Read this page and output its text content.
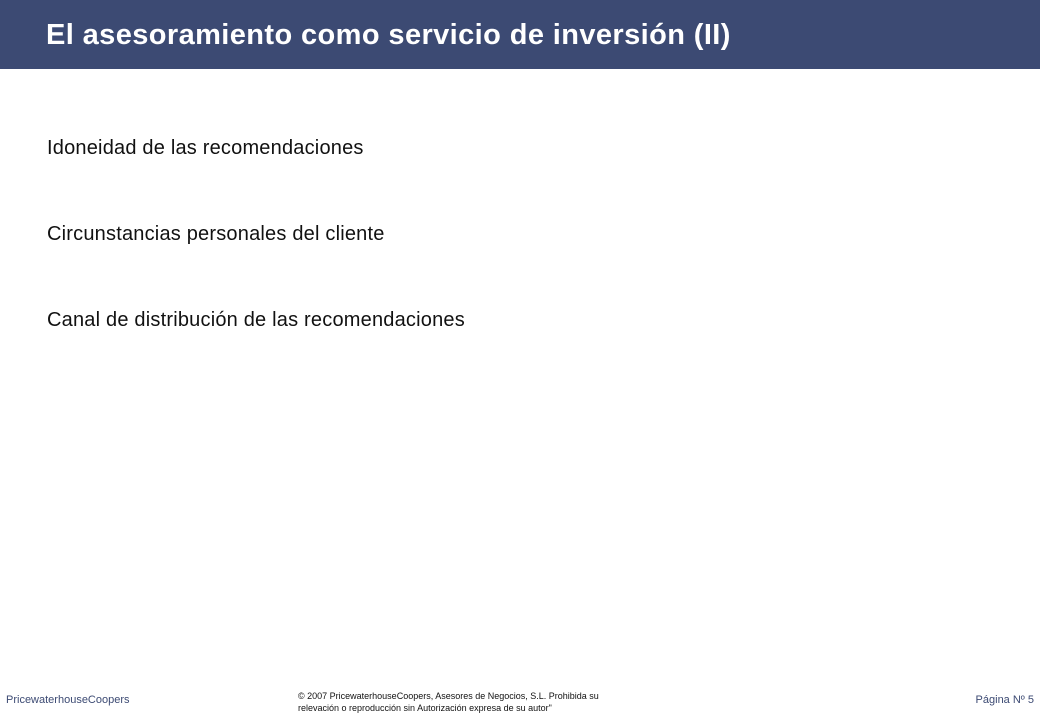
El asesoramiento como servicio de inversión (II)
Idoneidad de las recomendaciones
Circunstancias personales del cliente
Canal de distribución de las recomendaciones
PricewaterhouseCoopers	© 2007 PricewaterhouseCoopers, Asesores de Negocios, S.L. Prohibida su
relevación o reproducción sin Autorización expresa de su autor"
Página Nº 5
